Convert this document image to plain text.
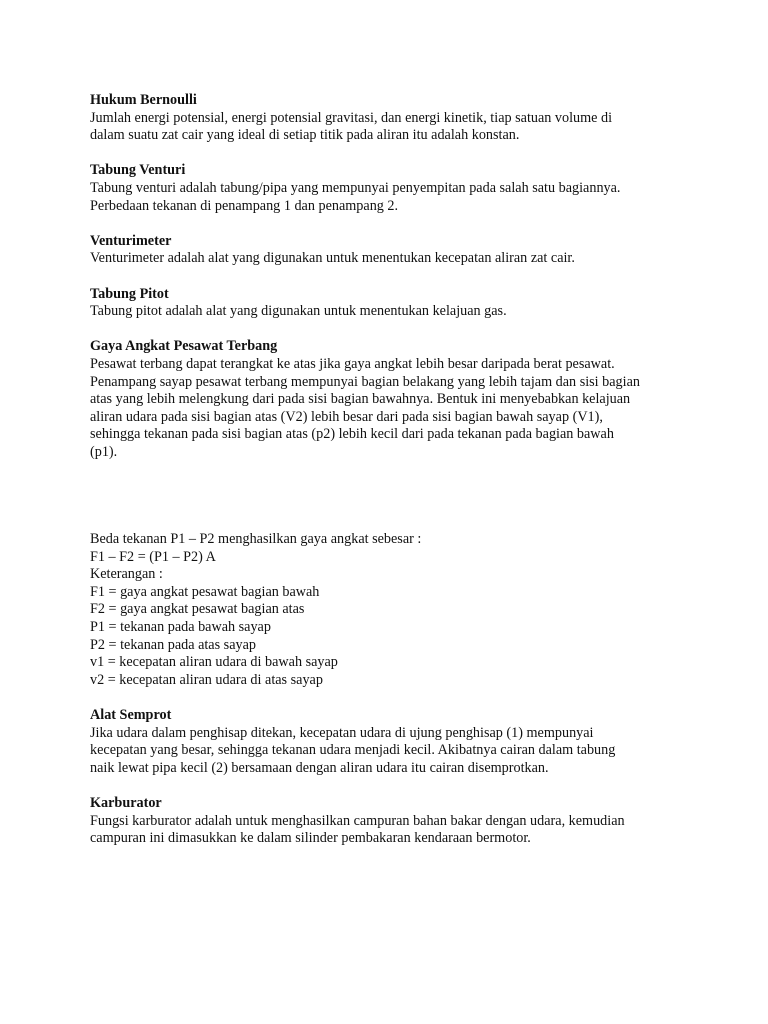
Hukum Bernoulli
Jumlah energi potensial, energi potensial gravitasi, dan energi kinetik, tiap satuan volume di
dalam suatu zat cair yang ideal di setiap titik pada aliran itu adalah konstan.
Tabung Venturi
Tabung venturi adalah tabung/pipa yang mempunyai penyempitan pada salah satu bagiannya.
Perbedaan tekanan di penampang 1 dan penampang 2.
Venturimeter
Venturimeter adalah alat yang digunakan untuk menentukan kecepatan aliran zat cair.
Tabung Pitot
Tabung pitot adalah alat yang digunakan untuk menentukan kelajuan gas.
Gaya Angkat Pesawat Terbang
Pesawat terbang dapat terangkat ke atas jika gaya angkat lebih besar daripada berat pesawat.
Penampang sayap pesawat terbang mempunyai bagian belakang yang lebih tajam dan sisi bagian
atas yang lebih melengkung dari pada sisi bagian bawahnya. Bentuk ini menyebabkan kelajuan
aliran udara pada sisi bagian atas (V2) lebih besar dari pada sisi bagian bawah sayap (V1),
sehingga tekanan pada sisi bagian atas (p2) lebih kecil dari pada tekanan pada bagian bawah
(p1).
Beda tekanan P1 – P2 menghasilkan gaya angkat sebesar :
F1 – F2 = (P1 – P2) A
Keterangan :
F1 = gaya angkat pesawat bagian bawah
F2 = gaya angkat pesawat bagian atas
P1 = tekanan pada bawah sayap
P2 = tekanan pada atas sayap
v1 = kecepatan aliran udara di bawah sayap
v2 = kecepatan aliran udara di atas sayap
Alat Semprot
Jika udara dalam penghisap ditekan, kecepatan udara di ujung penghisap (1) mempunyai
kecepatan yang besar, sehingga tekanan udara menjadi kecil. Akibatnya cairan dalam tabung
naik lewat pipa kecil (2) bersamaan dengan aliran udara itu cairan disemprotkan.
Karburator
Fungsi karburator adalah untuk menghasilkan campuran bahan bakar dengan udara, kemudian
campuran ini dimasukkan ke dalam silinder pembakaran kendaraan bermotor.
